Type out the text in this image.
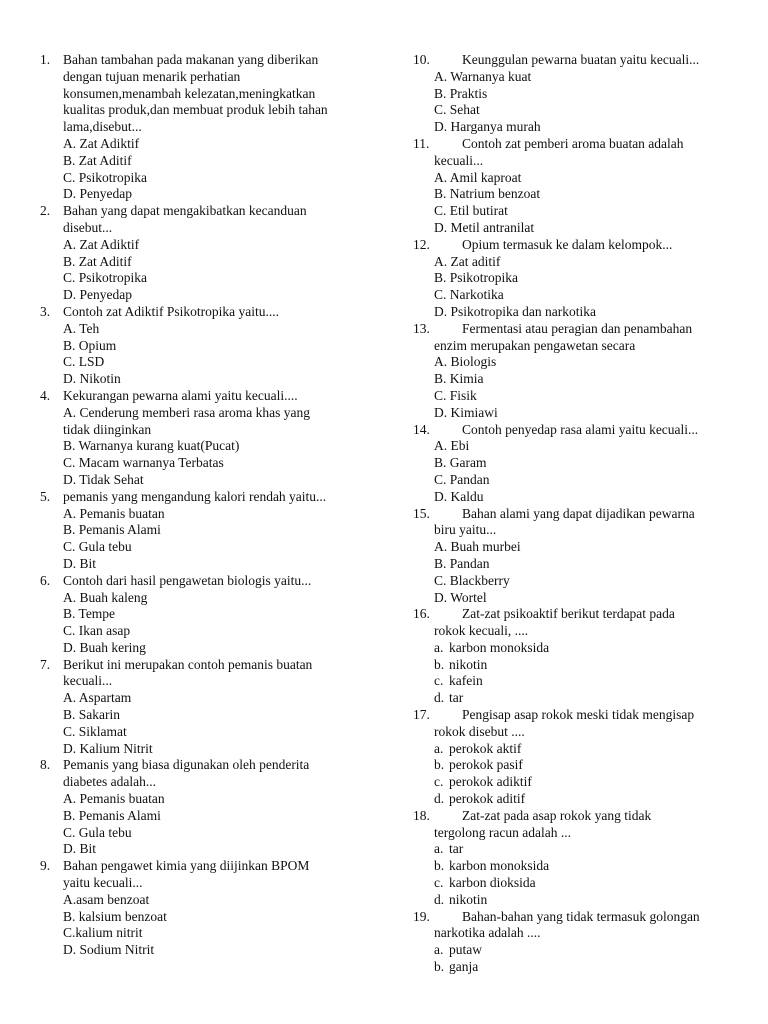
1. Bahan tambahan pada makanan yang diberikan
dengan tujuan menarik perhatian
konsumen,menambah kelezatan,meningkatkan
kualitas produk,dan membuat produk lebih tahan
lama,disebut...
A. Zat Adiktif
B. Zat Aditif
C. Psikotropika
D. Penyedap
2. Bahan yang dapat mengakibatkan kecanduan
disebut...
A. Zat Adiktif
B. Zat Aditif
C. Psikotropika
D. Penyedap
3. Contoh zat Adiktif Psikotropika yaitu....
A. Teh
B. Opium
C. LSD
D. Nikotin
4. Kekurangan pewarna alami yaitu kecuali....
A. Cenderung memberi rasa aroma khas yang
tidak diinginkan
B. Warnanya kurang kuat(Pucat)
C. Macam warnanya Terbatas
D. Tidak Sehat
5. pemanis yang mengandung kalori rendah yaitu...
A. Pemanis buatan
B. Pemanis Alami
C. Gula tebu
D. Bit
6. Contoh dari hasil pengawetan biologis yaitu...
A. Buah kaleng
B. Tempe
C. Ikan asap
D. Buah kering
7. Berikut ini merupakan contoh pemanis buatan
kecuali...
A. Aspartam
B. Sakarin
C. Siklamat
D. Kalium Nitrit
8. Pemanis yang biasa digunakan oleh penderita
diabetes adalah...
A. Pemanis buatan
B. Pemanis Alami
C. Gula tebu
D. Bit
9. Bahan pengawet kimia yang diijinkan BPOM
yaitu kecuali...
A.asam benzoat
B. kalsium benzoat
C.kalium nitrit
D. Sodium Nitrit
10.	Keunggulan pewarna buatan yaitu kecuali...
A. Warnanya kuat
B. Praktis
C. Sehat
D. Harganya murah
11.	Contoh zat pemberi aroma buatan adalah
kecuali...
A. Amil kaproat
B. Natrium benzoat
C. Etil butirat
D. Metil antranilat
12.	Opium termasuk ke dalam kelompok...
A. Zat aditif
B. Psikotropika
C. Narkotika
D. Psikotropika dan narkotika
13.	Fermentasi atau peragian dan penambahan
enzim merupakan pengawetan secara
A. Biologis
B. Kimia
C. Fisik
D. Kimiawi
14.	Contoh penyedap rasa alami yaitu kecuali...
A. Ebi
B. Garam
C. Pandan
D. Kaldu
15.	Bahan alami yang dapat dijadikan pewarna
biru yaitu...
A. Buah murbei
B. Pandan
C. Blackberry
D. Wortel
16.	Zat-zat psikoaktif berikut terdapat pada
rokok kecuali, ....
a. karbon monoksida
b. nikotin
c. kafein
d. tar
17.	Pengisap asap rokok meski tidak mengisap
rokok disebut ....
a. perokok aktif
b. perokok pasif
c. perokok adiktif
d. perokok aditif
18.	Zat-zat pada asap rokok yang tidak
tergolong racun adalah ...
a. tar
b. karbon monoksida
c. karbon dioksida
d. nikotin
19.	Bahan-bahan yang tidak termasuk golongan
narkotika adalah ....
a. putaw
b. ganja
